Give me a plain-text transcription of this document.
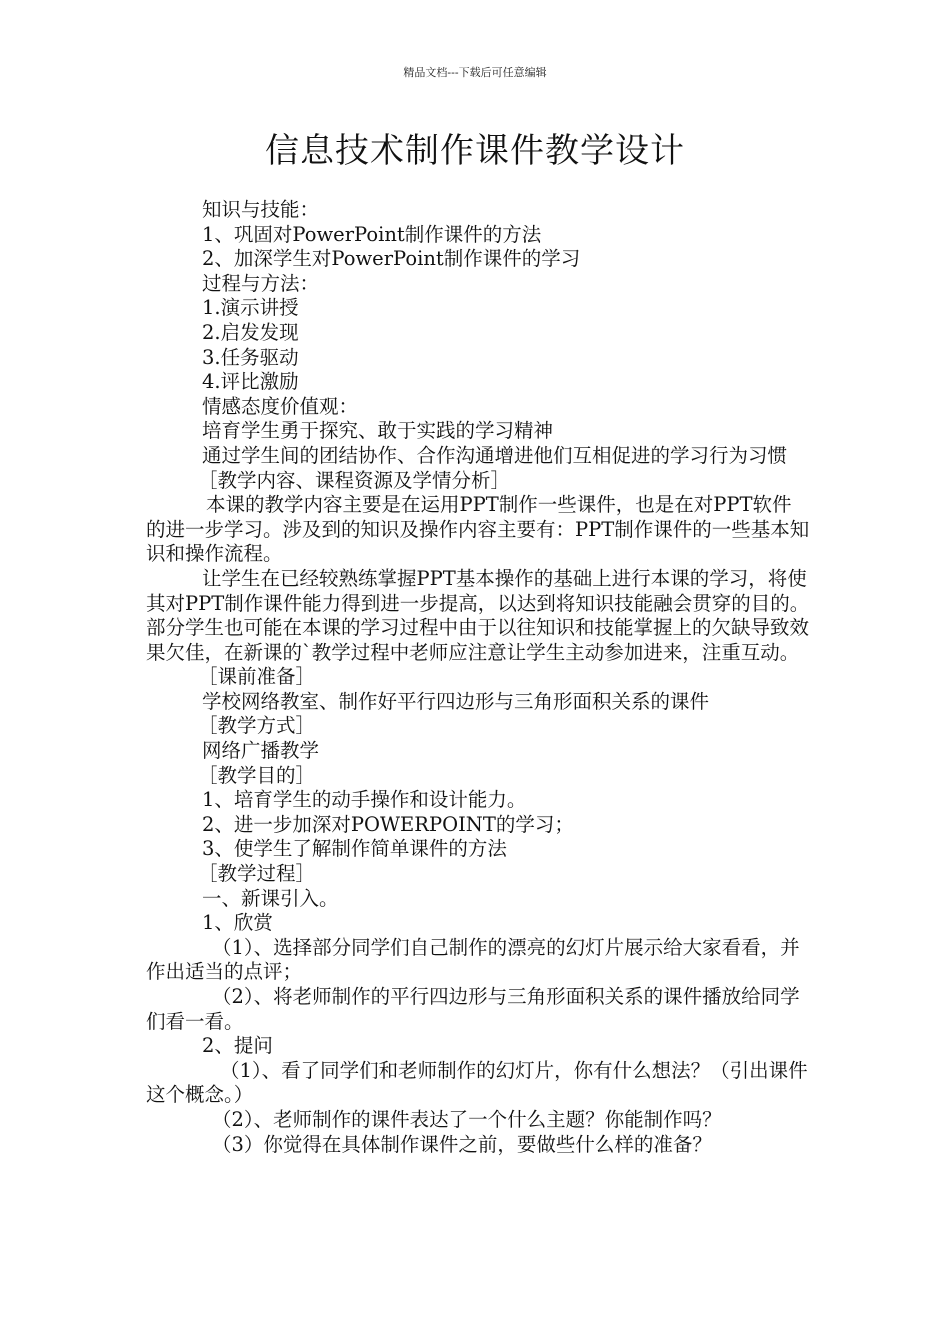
精品文档---下载后可任意编辑
信息技术制作课件教学设计

知识与技能：

1、巩固对PowerPoint制作课件的方法

2、加深学生对PowerPoint制作课件的学习

过程与方法：

1.演示讲授

2.启发发现

3.任务驱动

4.评比激励

情感态度价值观：

培育学生勇于探究、敢于实践的学习精神

通过学生间的团结协作、合作沟通增进他们互相促进的学习行为习惯

［教学内容、课程资源及学情分析］

本课的教学内容主要是在运用PPT制作一些课件，也是在对PPT软件的进一步学习。涉及到的知识及操作内容主要有：PPT制作课件的一些基本知识和操作流程。

让学生在已经较熟练掌握PPT基本操作的基础上进行本课的学习，将使其对PPT制作课件能力得到进一步提高，以达到将知识技能融会贯穿的目的。部分学生也可能在本课的学习过程中由于以往知识和技能掌握上的欠缺导致效果欠佳，在新课的`教学过程中老师应注意让学生主动参加进来，注重互动。

［课前准备］

学校网络教室、制作好平行四边形与三角形面积关系的课件

［教学方式］

网络广播教学

［教学目的］

1、培育学生的动手操作和设计能力。

2、进一步加深对POWERPOINT的学习；

3、使学生了解制作简单课件的方法

［教学过程］

一、新课引入。

1、欣赏

（1）、选择部分同学们自己制作的漂亮的幻灯片展示给大家看看，并作出适当的点评；

（2）、将老师制作的平行四边形与三角形面积关系的课件播放给同学们看一看。

2、提问

（1）、看了同学们和老师制作的幻灯片，你有什么想法？（引出课件这个概念。）

（2）、老师制作的课件表达了一个什么主题？你能制作吗？

（3）你觉得在具体制作课件之前，要做些什么样的准备？
